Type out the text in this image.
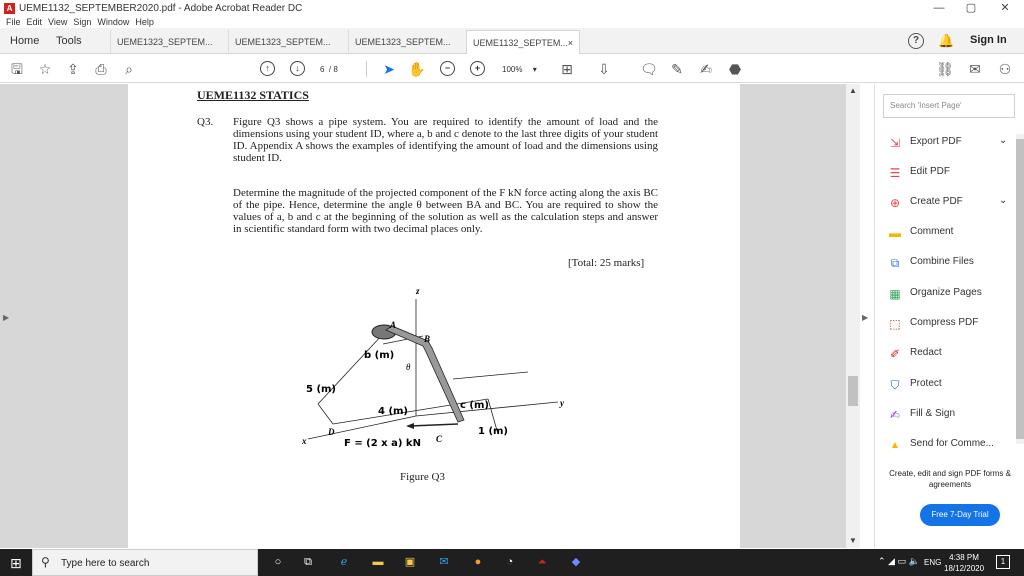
A UEME1132_SEPTEMBER2020.pdf - Adobe Acrobat Reader DC	—	▢	✕
File Edit View Sign Window Help
Home Tools	UEME1323_SEPTEM...	UEME1323_SEPTEM...	UEME1323_SEPTEM...	UEME1132_SEPTEM... ×	?	🔔 Sign In
🖫 ☆ ⇪ ⎙	⌕	↑	↓	6 / 8	➤ ✋	−	+	100% ▾	⊞ ⇩ 🗨 ✎ ✍ ⬣	⛓ ✉ ⚇
▶	▶
UEME1132 STATICS
Q3. Figure Q3 shows a pipe system. You are required to identify the amount of load and the dimensions using your student ID, where a, b and c denote to the last three digits of your student ID. Appendix A shows the examples of identifying the amount of load and the dimensions using student ID.
Determine the magnitude of the projected component of the F kN force acting along the axis BC of the pipe. Hence, determine the angle θ between BA and BC. You are required to show the values of a, b and c at the beginning of the solution as well as the calculation steps and answer in scientific standard form with two decimal places only.
[Total: 25 marks]
z
A
B
C
D
x
y
θ
b (m)
5 (m)
4 (m)
c (m)
1 (m)
F = (2 x a) kN
Figure Q3
▲
▼
Search 'Insert Page'
⇲ Export PDF	⌄
☰ Edit PDF
⊕ Create PDF	⌄
▬ Comment
⧉	Combine Files
▦ Organize Pages
⬚ Compress PDF
✐ Redact
⛉	Protect
✍ Fill & Sign
▲ Send for Comme...
Create, edit and sign PDF forms & agreements
Free 7-Day Trial
⊞ ⚲ Type here to search	○	⧉	ℯ	▬ ▣	✉	●	◔	⏶	◆	⌃ ◢ ▭ 🔈 ENG
4:38 PM
18/12/2020
1
